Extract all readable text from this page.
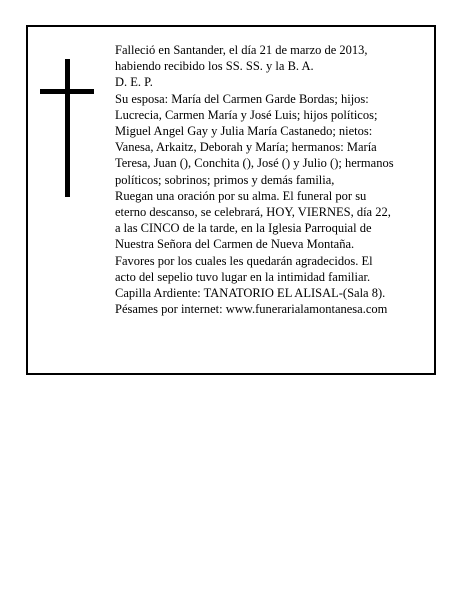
Falleció en Santander, el día 21 de marzo de 2013,
habiendo recibido los SS. SS. y la B. A.
D. E. P.
Su esposa: María del Carmen Garde Bordas; hijos:
Lucrecia, Carmen María y José Luis; hijos políticos;
Miguel Angel Gay y Julia María Castanedo; nietos:
Vanesa, Arkaitz, Deborah y María; hermanos: María
Teresa, Juan (), Conchita (), José () y Julio (); hermanos
políticos; sobrinos; primos y demás familia,
Ruegan una oración por su alma. El funeral por su
eterno descanso, se celebrará, HOY, VIERNES, día 22,
a las CINCO de la tarde, en la Iglesia Parroquial de
Nuestra Señora del Carmen de Nueva Montaña.
Favores por los cuales les quedarán agradecidos. El
acto del sepelio tuvo lugar en la intimidad familiar.
Capilla Ardiente: TANATORIO EL ALISAL-(Sala 8).
Pésames por internet: www.funerarialamontanesa.com
